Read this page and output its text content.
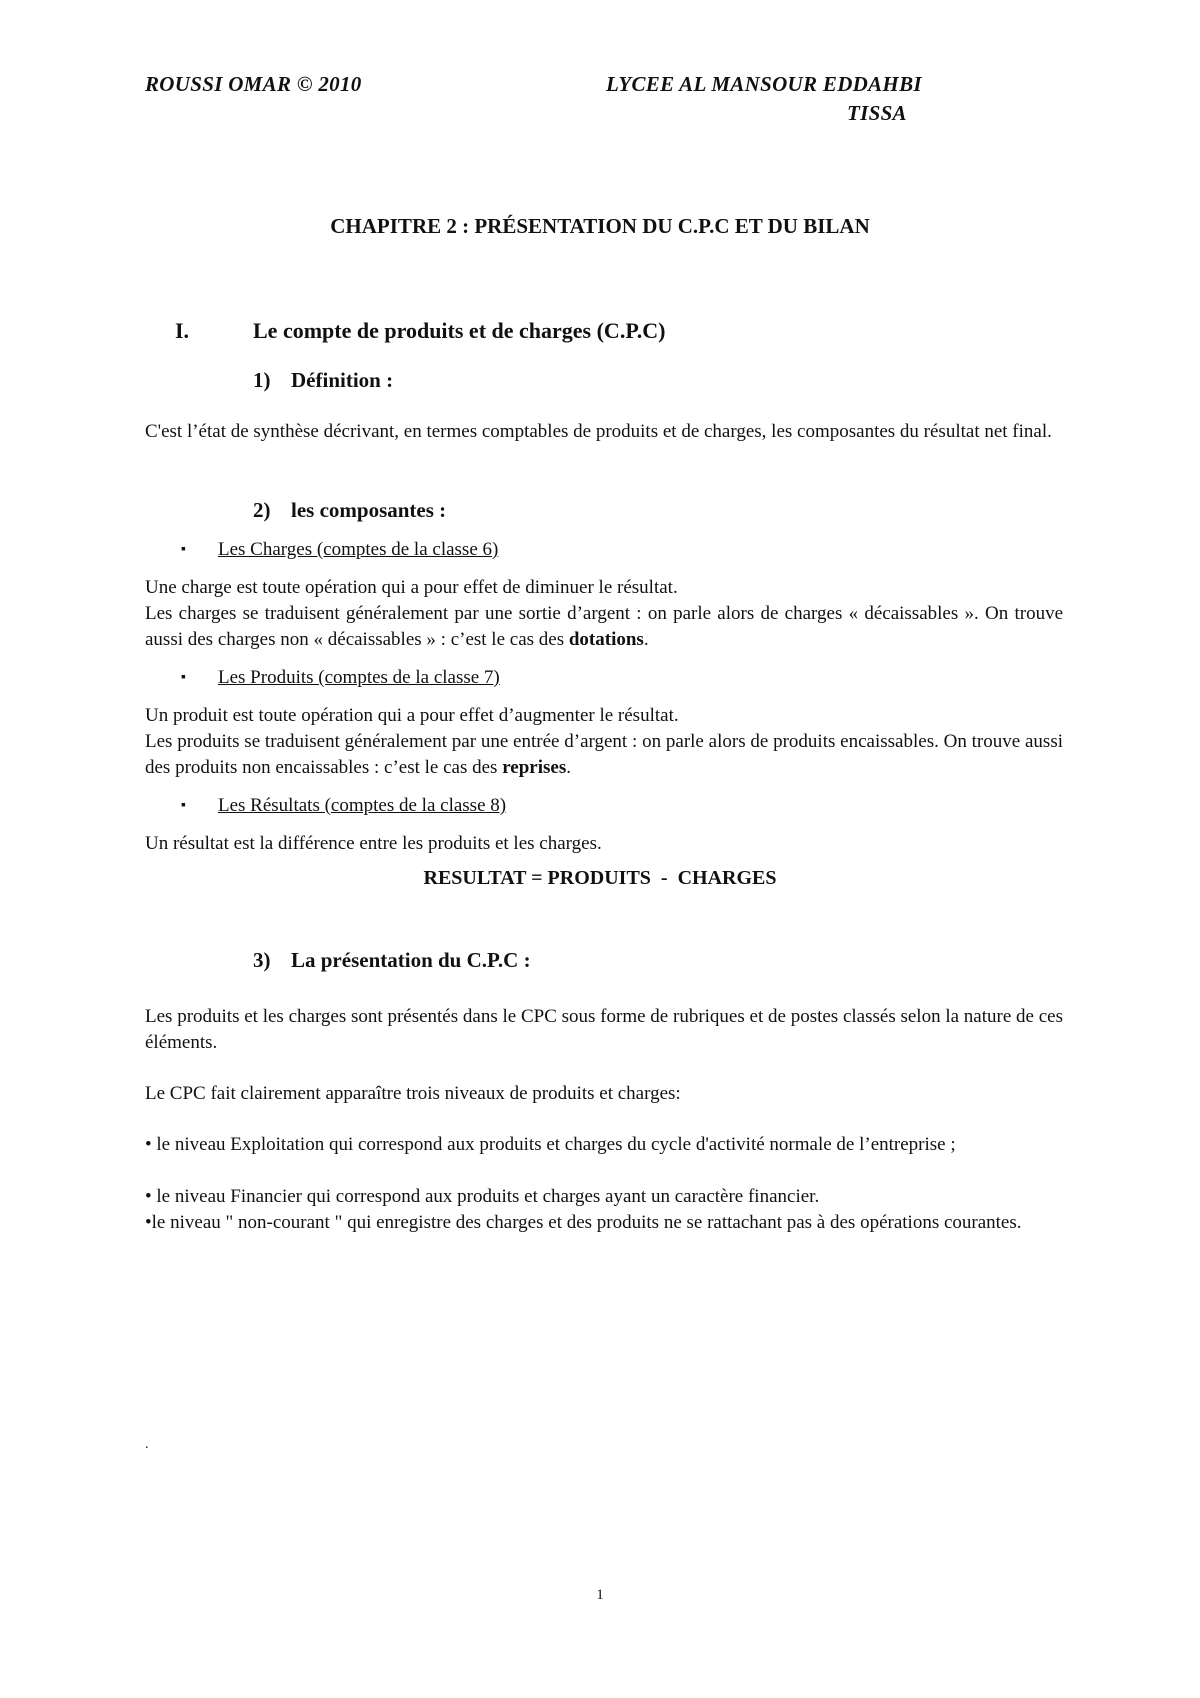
ROUSSI OMAR © 2010	LYCEE AL MANSOUR EDDAHBI
TISSA
CHAPITRE 2 : PRÉSENTATION DU C.P.C ET DU BILAN
I.	Le compte de produits et de charges (C.P.C)
1) Définition :
C'est l’état de synthèse décrivant, en termes comptables de produits et de charges, les composantes du résultat net final.
2) les composantes :
▪ Les Charges (comptes de la classe 6)
Une charge est toute opération qui a pour effet de diminuer le résultat.
Les charges se traduisent généralement par une sortie d’argent : on parle alors de charges « décaissables ». On trouve aussi des charges non « décaissables » : c’est le cas des dotations.
▪ Les Produits (comptes de la classe 7)
Un produit est toute opération qui a pour effet d’augmenter le résultat.
Les produits se traduisent généralement par une entrée d’argent : on parle alors de produits encaissables. On trouve aussi des produits non encaissables : c’est le cas des reprises.
▪ Les Résultats (comptes de la classe 8)
Un résultat est la différence entre les produits et les charges.
RESULTAT = PRODUITS  -  CHARGES
3) La présentation du C.P.C :
Les produits et les charges sont présentés dans le CPC sous forme de rubriques et de postes classés selon la nature de ces éléments.
Le CPC fait clairement apparaître trois niveaux de produits et charges:
• le niveau Exploitation qui correspond aux produits et charges du cycle d'activité normale de l’entreprise ;
• le niveau Financier qui correspond aux produits et charges ayant un caractère financier.
•le niveau " non-courant " qui enregistre des charges et des produits ne se rattachant pas à des opérations courantes.
.
1
